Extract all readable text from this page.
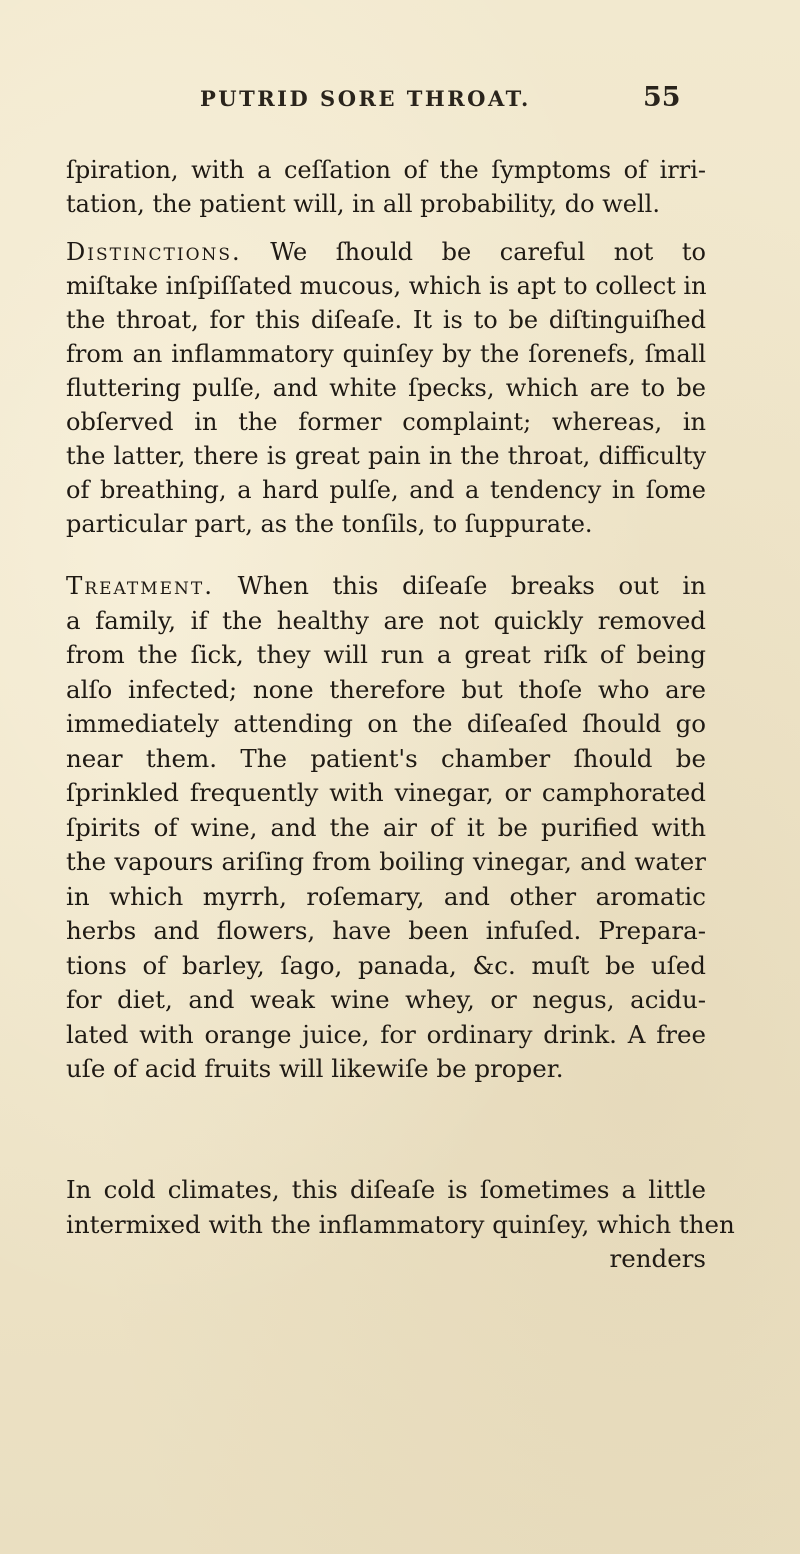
PUTRID SORE THROAT.	55
ſpiration, with a ceſſation of the ſymptoms of irri-
tation, the patient will, in all probability, do well.
Distinctions. We ſhould be careful not to
miſtake inſpiſſated mucous, which is apt to collect in
the throat, for this diſeaſe. It is to be diſtinguiſhed
from an inflammatory quinſey by the ſorenefs, ſmall
fluttering pulſe, and white ſpecks, which are to be
obſerved in the former complaint; whereas, in
the latter, there is great pain in the throat, difficulty
of breathing, a hard pulſe, and a tendency in ſome
particular part, as the tonſils, to ſuppurate.
Treatment. When this diſeaſe breaks out in
a family, if the healthy are not quickly removed
from the ſick, they will run a great riſk of being
alſo infected; none therefore but thoſe who are
immediately attending on the diſeaſed ſhould go
near them. The patient's chamber ſhould be
ſprinkled frequently with vinegar, or camphorated
ſpirits of wine, and the air of it be purified with
the vapours ariſing from boiling vinegar, and water
in which myrrh, roſemary, and other aromatic
herbs and flowers, have been infuſed. Prepara-
tions of barley, ſago, panada, &c. muſt be uſed
for diet, and weak wine whey, or negus, acidu-
lated with orange juice, for ordinary drink. A free
uſe of acid fruits will likewiſe be proper.
In cold climates, this diſeaſe is ſometimes a little
intermixed with the inflammatory quinſey, which then
renders
